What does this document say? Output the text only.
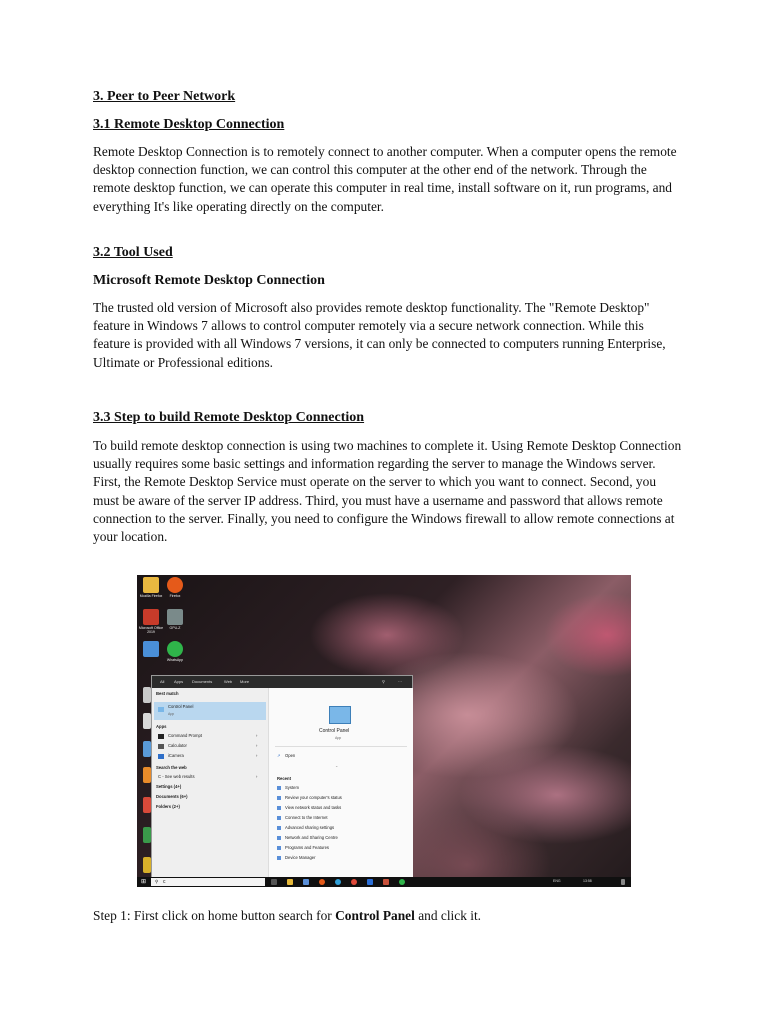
3. Peer to Peer Network
3.1 Remote Desktop Connection
Remote Desktop Connection is to remotely connect to another computer. When a computer opens the remote desktop connection function, we can control this computer at the other end of the network. Through the remote desktop function, we can operate this computer in real time, install software on it, run programs, and everything It's like operating directly on the computer.
3.2 Tool Used
Microsoft Remote Desktop Connection
The trusted old version of Microsoft also provides remote desktop functionality. The "Remote Desktop" feature in Windows 7 allows to control computer remotely via a secure network connection. While this feature is provided with all Windows 7 versions, it can only be connected to computers running Enterprise, Ultimate or Professional editions.
3.3 Step to build Remote Desktop Connection
To build remote desktop connection is using two machines to complete it. Using Remote Desktop Connection usually requires some basic settings and information regarding the server to manage the Windows server. First, the Remote Desktop Service must operate on the server to which you want to connect. Second, you must be aware of the server IP address. Third, you must have a username and password that allows remote connection to the server. Finally, you need to configure the Windows firewall to allow remote connections at your location.
Step 1: First click on home button search for Control Panel and click it.
Mozilla Firefox	Firefox
Microsoft Office 2019
GPU-Z
WhatsApp
All Apps Documents	Web More	⚲	⋯
Best match
Control Panel
App
Apps
Command Prompt	›
Calculator	›
iCamera	›
Search the web
C - See web results	›
Settings (4+)
Documents (6+)
Folders (2+)
Control Panel
App
↗ Open
⌄
Recent
System
Review your computer's status
View network status and tasks
Connect to the Internet
Advanced sharing settings
Network and Sharing Centre
Programs and Features
Device Manager
⊞ ⚲ c	ENG	13:58
